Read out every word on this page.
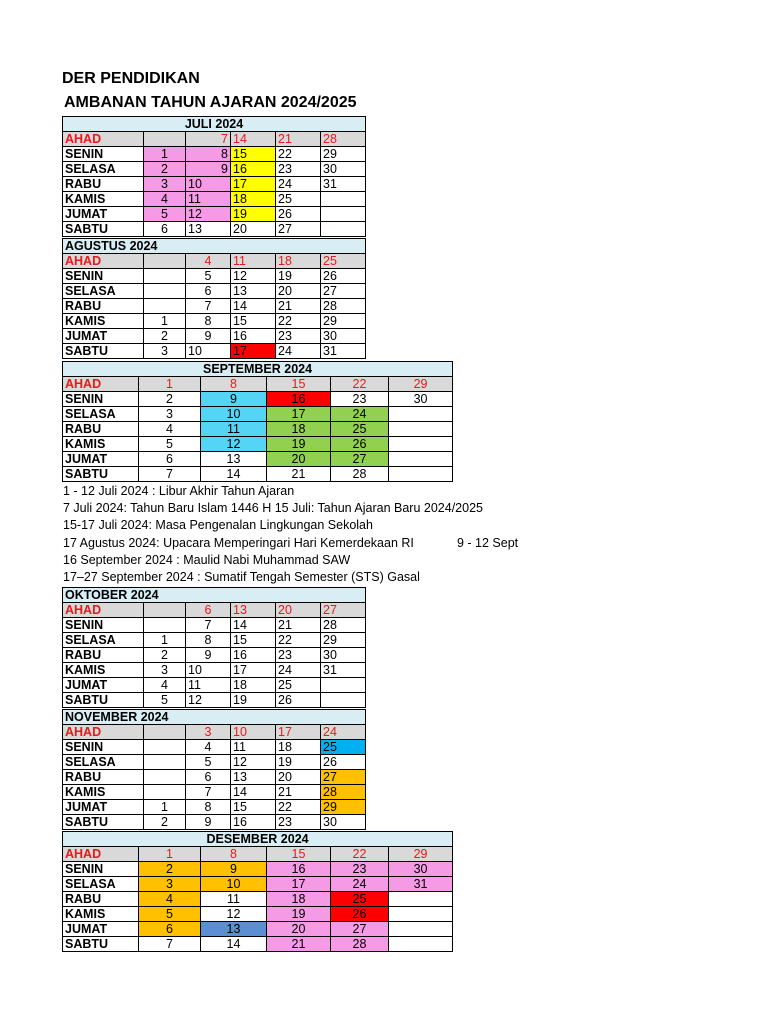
DER PENDIDIKAN
AMBANAN TAHUN AJARAN 2024/2025
JULI 2024					
AHAD		7	14	21	28
SENIN	1	8	15	22	29
SELASA	2	9	16	23	30
RABU	3	10	17	24	31
KAMIS	4	11	18	25	
JUMAT	5	12	19	26	
SABTU	6	13	20	27	
AGUSTUS 2024					
AHAD		4	11	18	25
SENIN		5	12	19	26
SELASA		6	13	20	27
RABU		7	14	21	28
KAMIS	1	8	15	22	29
JUMAT	2	9	16	23	30
SABTU	3	10	17	24	31
SEPTEMBER 2024					
AHAD	1	8	15	22	29
SENIN	2	9	16	23	30
SELASA	3	10	17	24	
RABU	4	11	18	25	
KAMIS	5	12	19	26	
JUMAT	6	13	20	27	
SABTU	7	14	21	28	
1 - 12 Juli 2024 : Libur Akhir Tahun Ajaran
7 Juli 2024: Tahun Baru Islam 1446 H 15 Juli: Tahun Ajaran Baru 2024/2025
15-17 Juli 2024: Masa Pengenalan Lingkungan Sekolah
17 Agustus 2024: Upacara Memperingari Hari Kemerdekaan RI	9 - 12 Sept
16 September 2024 : Maulid Nabi Muhammad SAW
17–27 September 2024 : Sumatif Tengah Semester (STS) Gasal
OKTOBER 2024					
AHAD		6	13	20	27
SENIN		7	14	21	28
SELASA	1	8	15	22	29
RABU	2	9	16	23	30
KAMIS	3	10	17	24	31
JUMAT	4	11	18	25	
SABTU	5	12	19	26	
NOVEMBER 2024					
AHAD		3	10	17	24
SENIN		4	11	18	25
SELASA		5	12	19	26
RABU		6	13	20	27
KAMIS		7	14	21	28
JUMAT	1	8	15	22	29
SABTU	2	9	16	23	30
DESEMBER 2024					
AHAD	1	8	15	22	29
SENIN	2	9	16	23	30
SELASA	3	10	17	24	31
RABU	4	11	18	25	
KAMIS	5	12	19	26	
JUMAT	6	13	20	27	
SABTU	7	14	21	28	
